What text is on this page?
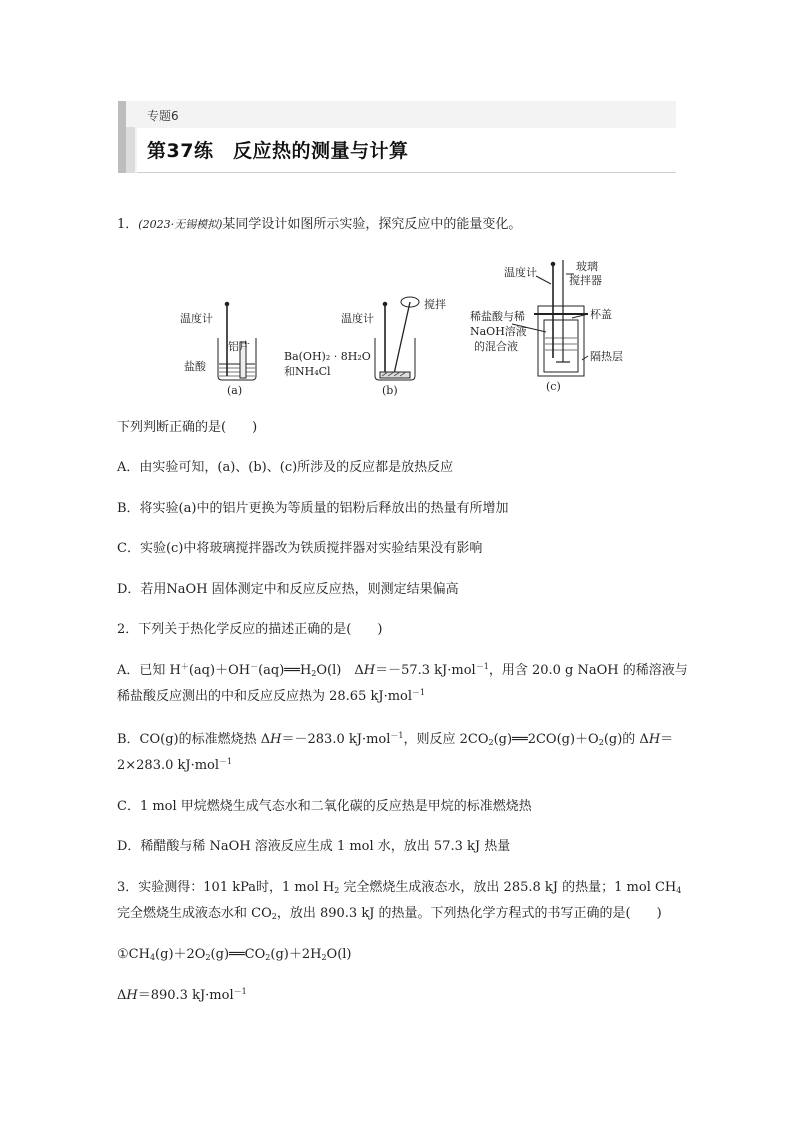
专题6
第37练　 反应热的测量与计算
1．(2023·无锡模拟)某同学设计如图所示实验，探究反应中的能量变化。
温度计
铝片
盐酸
(a)
温度计
搅拌
Ba(OH)₂ · 8H₂O
和NH₄Cl
(b)
温度计	玻璃
搅拌器
杯盖
稀盐酸与稀
NaOH溶液
的混合液
隔热层
(c)
下列判断正确的是(　　)
A．由实验可知，(a)、(b)、(c)所涉及的反应都是放热反应
B．将实验(a)中的铝片更换为等质量的铝粉后释放出的热量有所增加
C．实验(c)中将玻璃搅拌器改为铁质搅拌器对实验结果没有影响
D．若用NaOH 固体测定中和反应反应热，则测定结果偏高
2．下列关于热化学反应的描述正确的是(　　)
A．已知 $H^+(aq)+OH^-(aq)══H_2O(l)$　ΔH＝－57.3 kJ·mol$^{-1}$，用含 20.0 g NaOH 的稀溶液与
稀盐酸反应测出的中和反应反应热为 28.65 kJ·mol$^{-1}$
B．CO(g)的标准燃烧热 ΔH＝－283.0 kJ·mol$^{-1}$，则反应 $2CO_2(g)══2CO(g)+O_2(g)$的 ΔH＝
2×283.0 kJ·mol$^{-1}$
C．1 mol 甲烷燃烧生成气态水和二氧化碳的反应热是甲烷的标准燃烧热
D．稀醋酸与稀 NaOH 溶液反应生成 1 mol 水，放出 57.3 kJ 热量
3．实验测得：101 kPa时，1 mol $H_2$ 完全燃烧生成液态水，放出 285.8 kJ 的热量；1 mol $CH_4$
完全燃烧生成液态水和 $CO_2$，放出 890.3 kJ 的热量。下列热化学方程式的书写正确的是(　　)
$①CH_4(g)+2O_2(g)══CO_2(g)+2H_2O(l)$
ΔH＝890.3 kJ·mol$^{-1}$
